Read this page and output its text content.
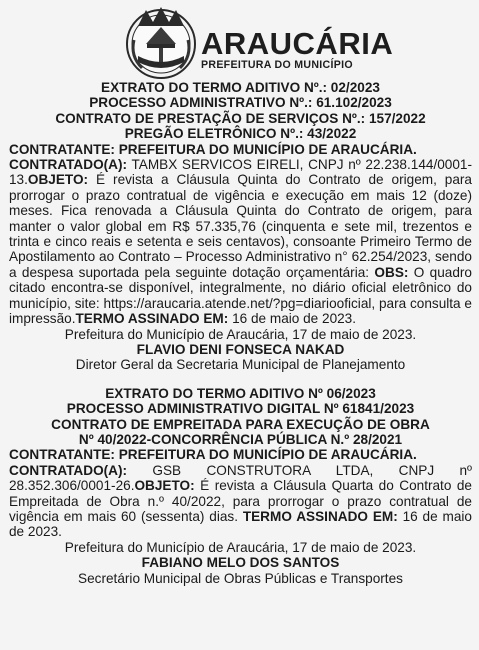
ARAUCÁRIA
PREFEITURA DO MUNICÍPIO
EXTRATO DO TERMO ADITIVO Nº.: 02/2023
PROCESSO ADMINISTRATIVO Nº.: 61.102/2023
CONTRATO DE PRESTAÇÃO DE SERVIÇOS Nº.: 157/2022
PREGÃO ELETRÔNICO Nº.: 43/2022
CONTRATANTE: PREFEITURA DO MUNICÍPIO DE ARAUCÁRIA.

CONTRATADO(A): TAMBX SERVICOS EIRELI, CNPJ nº 22.238.144/0001-13.OBJETO: É revista a Cláusula Quinta do Contrato de origem, para prorrogar o prazo contratual de vigência e execução em mais 12 (doze) meses. Fica renovada a Cláusula Quinta do Contrato de origem, para manter o valor global em R$ 57.335,76 (cinquenta e sete mil, trezentos e trinta e cinco reais e setenta e seis centavos), consoante Primeiro Termo de Apostilamento ao Contrato – Processo Administrativo n° 62.254/2023, sendo a despesa suportada pela seguinte dotação orçamentária: OBS: O quadro citado encontra-se disponível, integralmente, no diário oficial eletrônico do município, site: https://araucaria.atende.net/?pg=diariooficial, para consulta e impressão.TERMO ASSINADO EM: 16 de maio de 2023.

Prefeitura do Município de Araucária, 17 de maio de 2023.
FLAVIO DENI FONSECA NAKAD
Diretor Geral da Secretaria Municipal de Planejamento
EXTRATO DO TERMO ADITIVO Nº 06/2023
PROCESSO ADMINISTRATIVO DIGITAL Nº 61841/2023
CONTRATO DE EMPREITADA PARA EXECUÇÃO DE OBRA
Nº 40/2022-CONCORRÊNCIA PÚBLICA N.º 28/2021
CONTRATANTE: PREFEITURA DO MUNICÍPIO DE ARAUCÁRIA.

CONTRATADO(A): GSB CONSTRUTORA LTDA, CNPJ nº 28.352.306/0001-26.OBJETO: É revista a Cláusula Quarta do Contrato de Empreitada de Obra n.º 40/2022, para prorrogar o prazo contratual de vigência em mais 60 (sessenta) dias. TERMO ASSINADO EM: 16 de maio de 2023.

Prefeitura do Município de Araucária, 17 de maio de 2023.
FABIANO MELO DOS SANTOS
Secretário Municipal de Obras Públicas e Transportes
